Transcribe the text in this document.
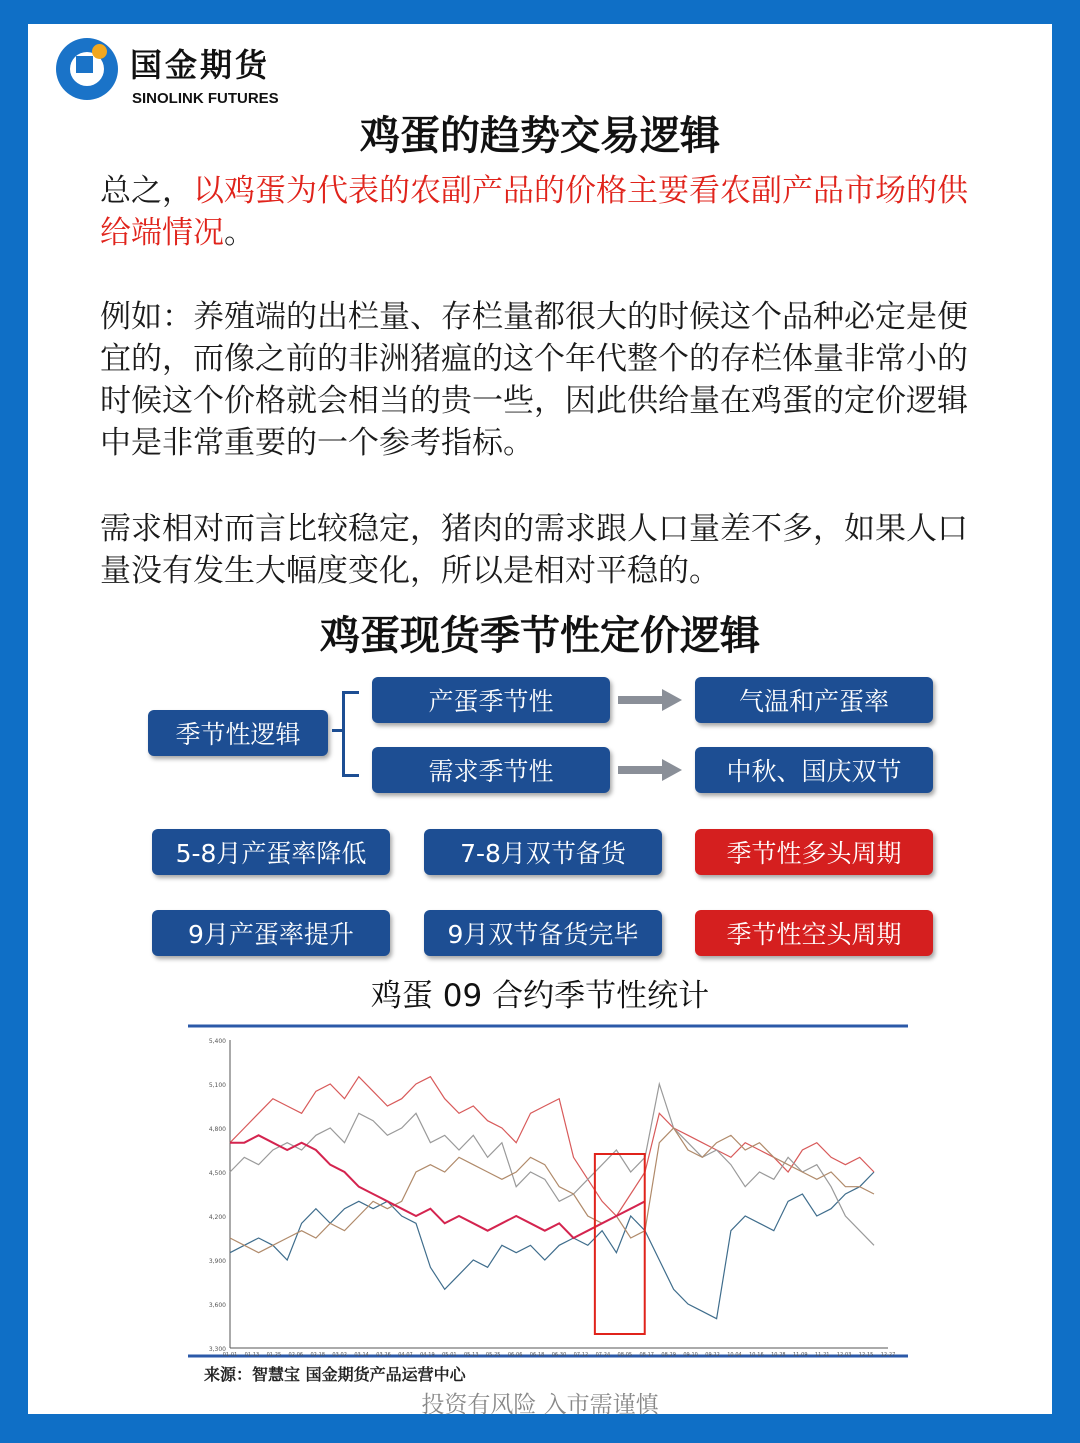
国金期货
SINOLINK FUTURES
鸡蛋的趋势交易逻辑

总之，以鸡蛋为代表的农副产品的价格主要看农副产品市场的供给端情况。

例如：养殖端的出栏量、存栏量都很大的时候这个品种必定是便宜的，而像之前的非洲猪瘟的这个年代整个的存栏体量非常小的时候这个价格就会相当的贵一些，因此供给量在鸡蛋的定价逻辑中是非常重要的一个参考指标。

需求相对而言比较稳定，猪肉的需求跟人口量差不多，如果人口量没有发生大幅度变化，所以是相对平稳的。

鸡蛋现货季节性定价逻辑
季节性逻辑
产蛋季节性
需求季节性
气温和产蛋率
中秋、国庆双节
5-8月产蛋率降低	7-8月双节备货	季节性多头周期
9月产蛋率提升	9月双节备货完毕	季节性空头周期
鸡蛋 09 合约季节性统计
5,400
5,100
4,800
4,500
4,200
3,900
3,600
3,300
01-01 01-13 01-25 02-06 02-18 03-02 03-14 03-26 04-07 04-19 05-01 05-13 05-25 06-06 06-18 06-30 07-12 07-24 08-05 08-17 08-29 09-10 09-22 10-04 10-16 10-28 11-09 11-21 12-03 12-15 12-27
来源：智慧宝 国金期货产品运营中心
投资有风险 入市需谨慎
